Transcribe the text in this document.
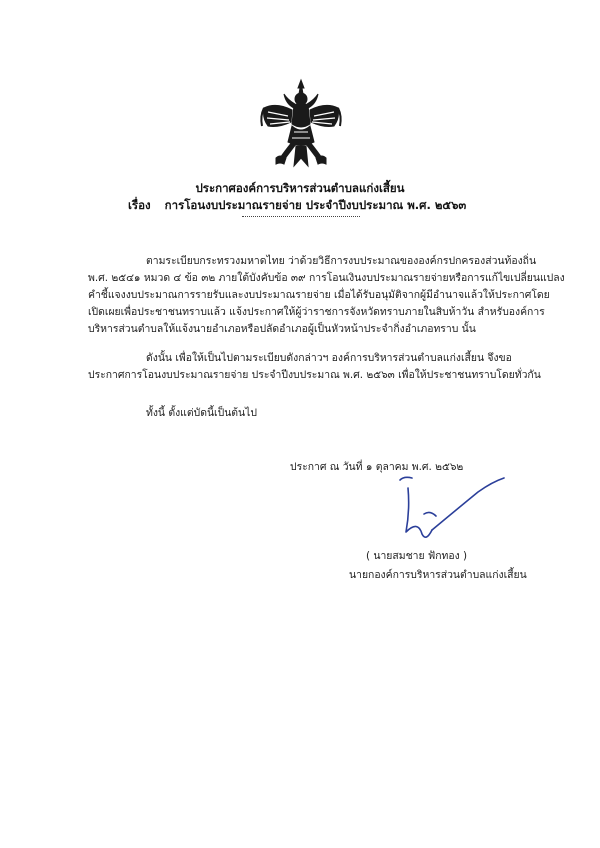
ประกาศองค์การบริหารส่วนตำบลแก่งเสี้ยน
เรื่อง การโอนงบประมาณรายจ่าย ประจำปีงบประมาณ พ.ศ. ๒๕๖๓
ตามระเบียบกระทรวงมหาดไทย ว่าด้วยวิธีการงบประมาณขององค์กรปกครองส่วนท้องถิ่น
พ.ศ. ๒๕๔๑ หมวด ๔ ข้อ ๓๒ ภายใต้บังคับข้อ ๓๙ การโอนเงินงบประมาณรายจ่ายหรือการแก้ไขเปลี่ยนแปลง
คำชี้แจงงบประมาณการรายรับและงบประมาณรายจ่าย เมื่อได้รับอนุมัติจากผู้มีอำนาจแล้วให้ประกาศโดย
เปิดเผยเพื่อประชาชนทราบแล้ว แจ้งประกาศให้ผู้ว่าราชการจังหวัดทราบภายในสิบห้าวัน สำหรับองค์การ
บริหารส่วนตำบลให้แจ้งนายอำเภอหรือปลัดอำเภอผู้เป็นหัวหน้าประจำกิ่งอำเภอทราบ นั้น
ดังนั้น เพื่อให้เป็นไปตามระเบียบดังกล่าวฯ องค์การบริหารส่วนตำบลแก่งเสี้ยน จึงขอ
ประกาศการโอนงบประมาณรายจ่าย ประจำปีงบประมาณ พ.ศ. ๒๕๖๓ เพื่อให้ประชาชนทราบโดยทั่วกัน
ทั้งนี้ ตั้งแต่บัดนี้เป็นต้นไป
ประกาศ ณ วันที่ ๑ ตุลาคม พ.ศ. ๒๕๖๒
( นายสมชาย ฟักทอง )
นายกองค์การบริหารส่วนตำบลแก่งเสี้ยน
